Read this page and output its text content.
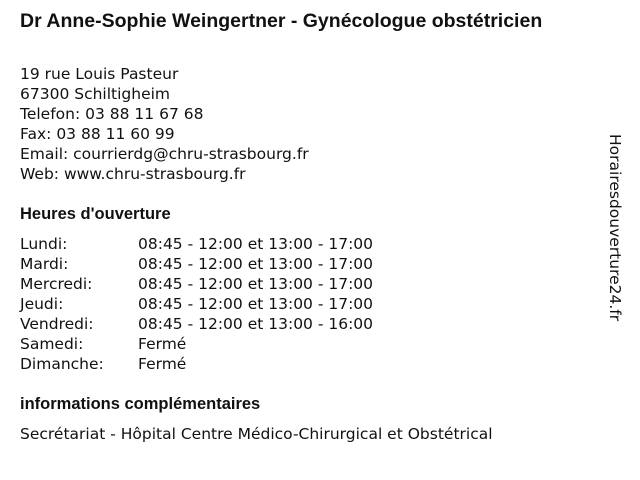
Dr Anne-Sophie Weingertner - Gynécologue obstétricien
19 rue Louis Pasteur
67300 Schiltigheim
Telefon: 03 88 11 67 68
Fax: 03 88 11 60 99
Email: courrierdg@chru-strasbourg.fr
Web: www.chru-strasbourg.fr
Heures d'ouverture
Lundi:	08:45 - 12:00 et 13:00 - 17:00
Mardi:	08:45 - 12:00 et 13:00 - 17:00
Mercredi:	08:45 - 12:00 et 13:00 - 17:00
Jeudi:	08:45 - 12:00 et 13:00 - 17:00
Vendredi:	08:45 - 12:00 et 13:00 - 16:00
Samedi:	Fermé
Dimanche:	Fermé
informations complémentaires
Secrétariat - Hôpital Centre Médico-Chirurgical et Obstétrical
Horairesdouverture24.fr
